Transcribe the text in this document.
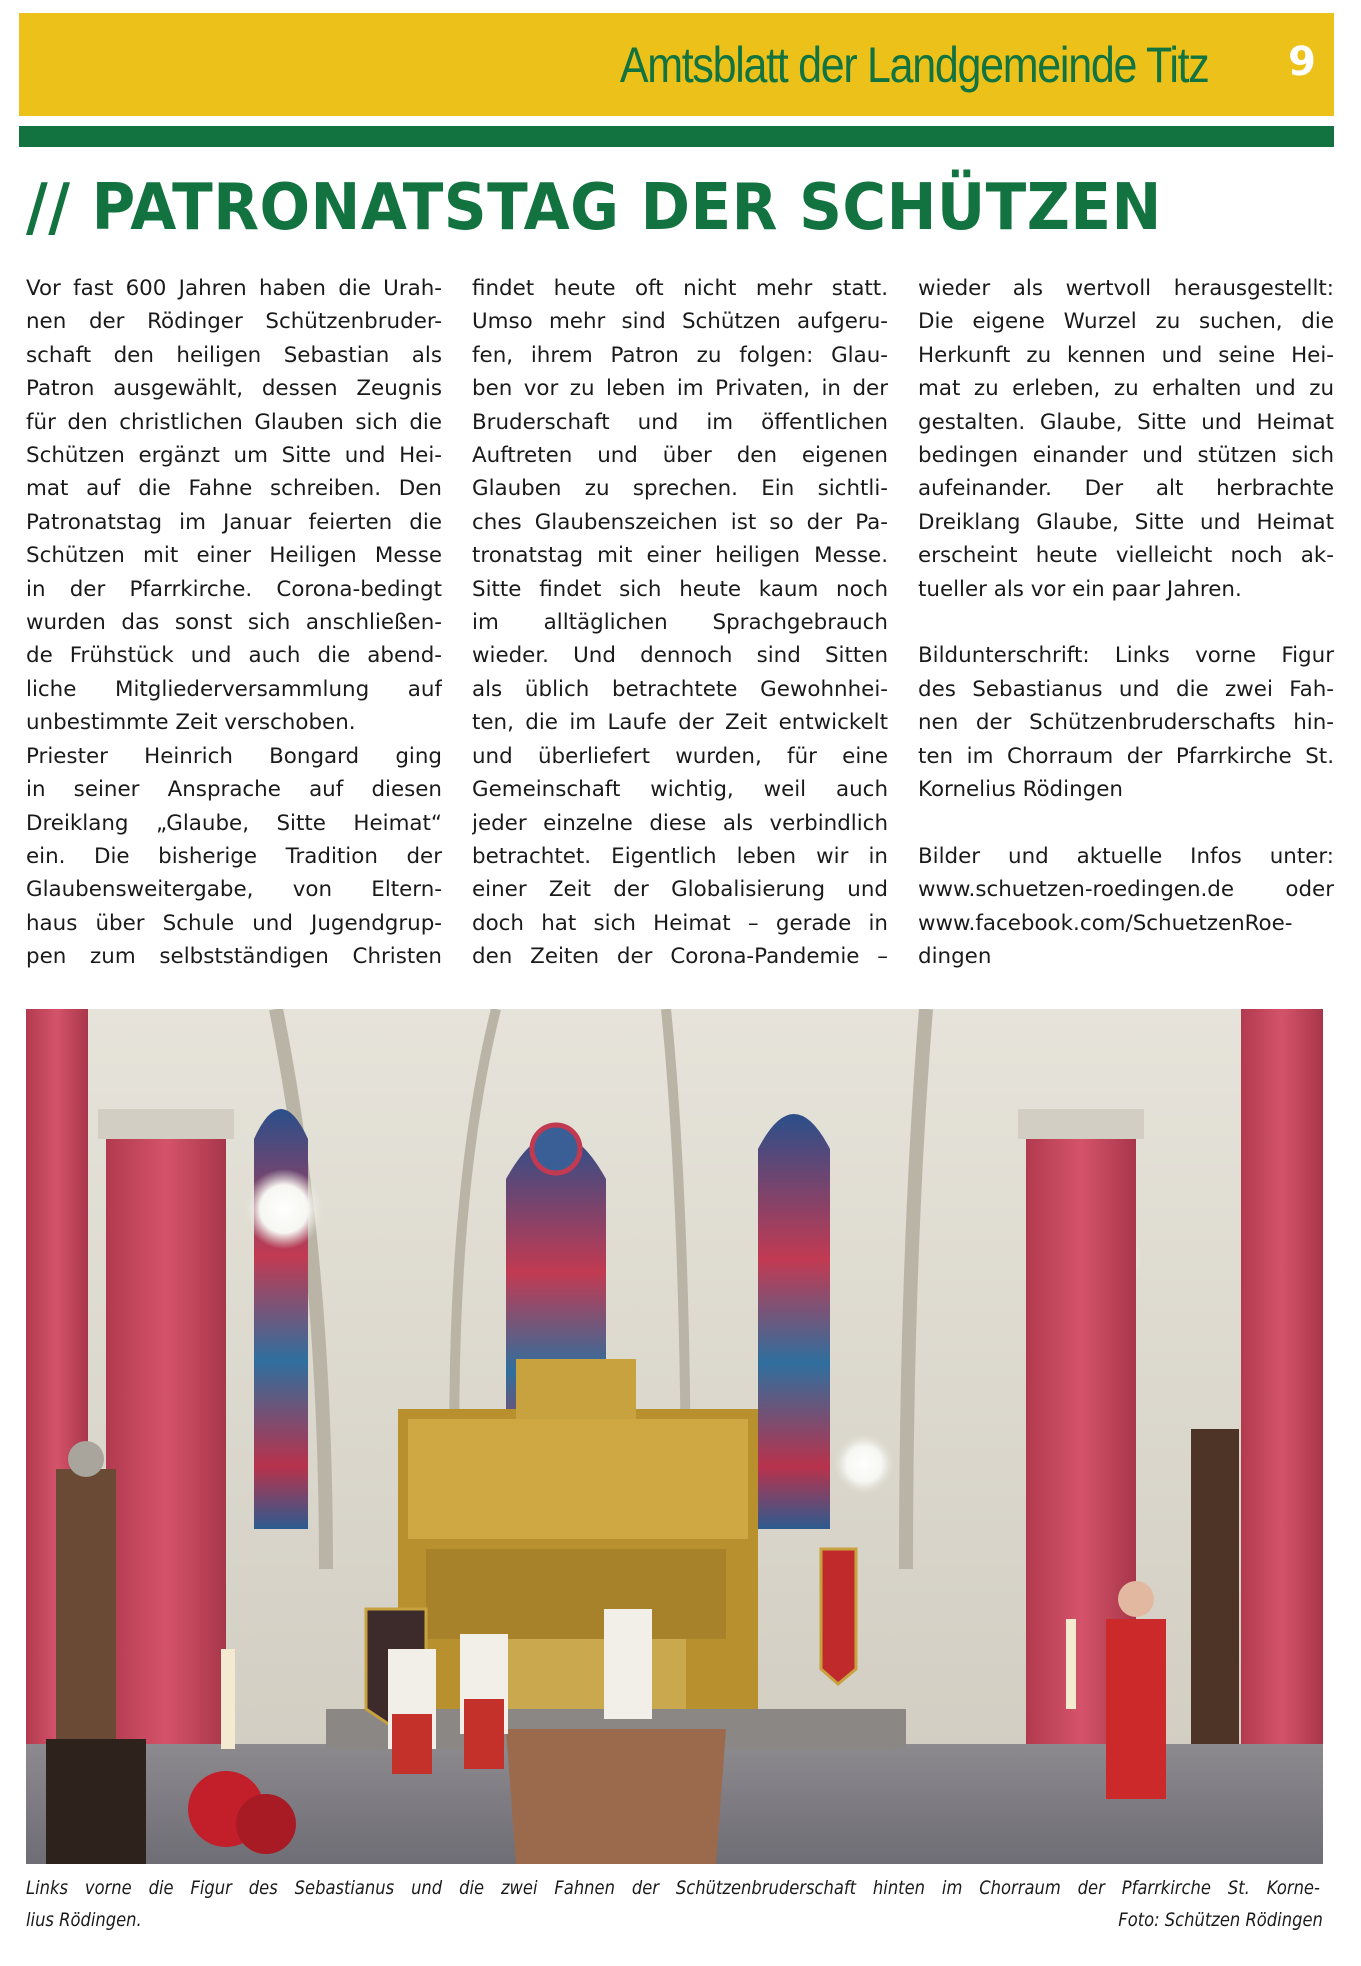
Amtsblatt der Landgemeinde Titz 9
// PATRONATSTAG DER SCHÜTZEN

Vor fast 600 Jahren haben die Urah-
nen der Rödinger Schützenbruder-
schaft den heiligen Sebastian als
Patron ausgewählt, dessen Zeugnis
für den christlichen Glauben sich die
Schützen ergänzt um Sitte und Hei-
mat auf die Fahne schreiben. Den
Patronatstag im Januar feierten die
Schützen mit einer Heiligen Messe
in der Pfarrkirche. Corona-bedingt
wurden das sonst sich anschließen-
de Frühstück und auch die abend-
liche Mitgliederversammlung auf
unbestimmte Zeit verschoben.
Priester Heinrich Bongard ging
in seiner Ansprache auf diesen
Dreiklang „Glaube, Sitte Heimat“
ein. Die bisherige Tradition der
Glaubensweitergabe, von Eltern-
haus über Schule und Jugendgrup-
pen zum selbstständigen Christen

findet heute oft nicht mehr statt.
Umso mehr sind Schützen aufgeru-
fen, ihrem Patron zu folgen: Glau-
ben vor zu leben im Privaten, in der
Bruderschaft und im öffentlichen
Auftreten und über den eigenen
Glauben zu sprechen. Ein sichtli-
ches Glaubenszeichen ist so der Pa-
tronatstag mit einer heiligen Messe.
Sitte findet sich heute kaum noch
im alltäglichen Sprachgebrauch
wieder. Und dennoch sind Sitten
als üblich betrachtete Gewohnhei-
ten, die im Laufe der Zeit entwickelt
und überliefert wurden, für eine
Gemeinschaft wichtig, weil auch
jeder einzelne diese als verbindlich
betrachtet. Eigentlich leben wir in
einer Zeit der Globalisierung und
doch hat sich Heimat – gerade in
den Zeiten der Corona-Pandemie –

wieder als wertvoll herausgestellt:
Die eigene Wurzel zu suchen, die
Herkunft zu kennen und seine Hei-
mat zu erleben, zu erhalten und zu
gestalten. Glaube, Sitte und Heimat
bedingen einander und stützen sich
aufeinander. Der alt herbrachte
Dreiklang Glaube, Sitte und Heimat
erscheint heute vielleicht noch ak-
tueller als vor ein paar Jahren.

Bildunterschrift: Links vorne Figur
des Sebastianus und die zwei Fah-
nen der Schützenbruderschafts hin-
ten im Chorraum der Pfarrkirche St.
Kornelius Rödingen

Bilder und aktuelle Infos unter:
www.schuetzen-roedingen.de oder
www.facebook.com/SchuetzenRoe-
dingen

Links vorne die Figur des Sebastianus und die zwei Fahnen der Schützenbruderschaft hinten im Chorraum der Pfarrkirche St. Korne-
lius Rödingen.	Foto: Schützen Rödingen
